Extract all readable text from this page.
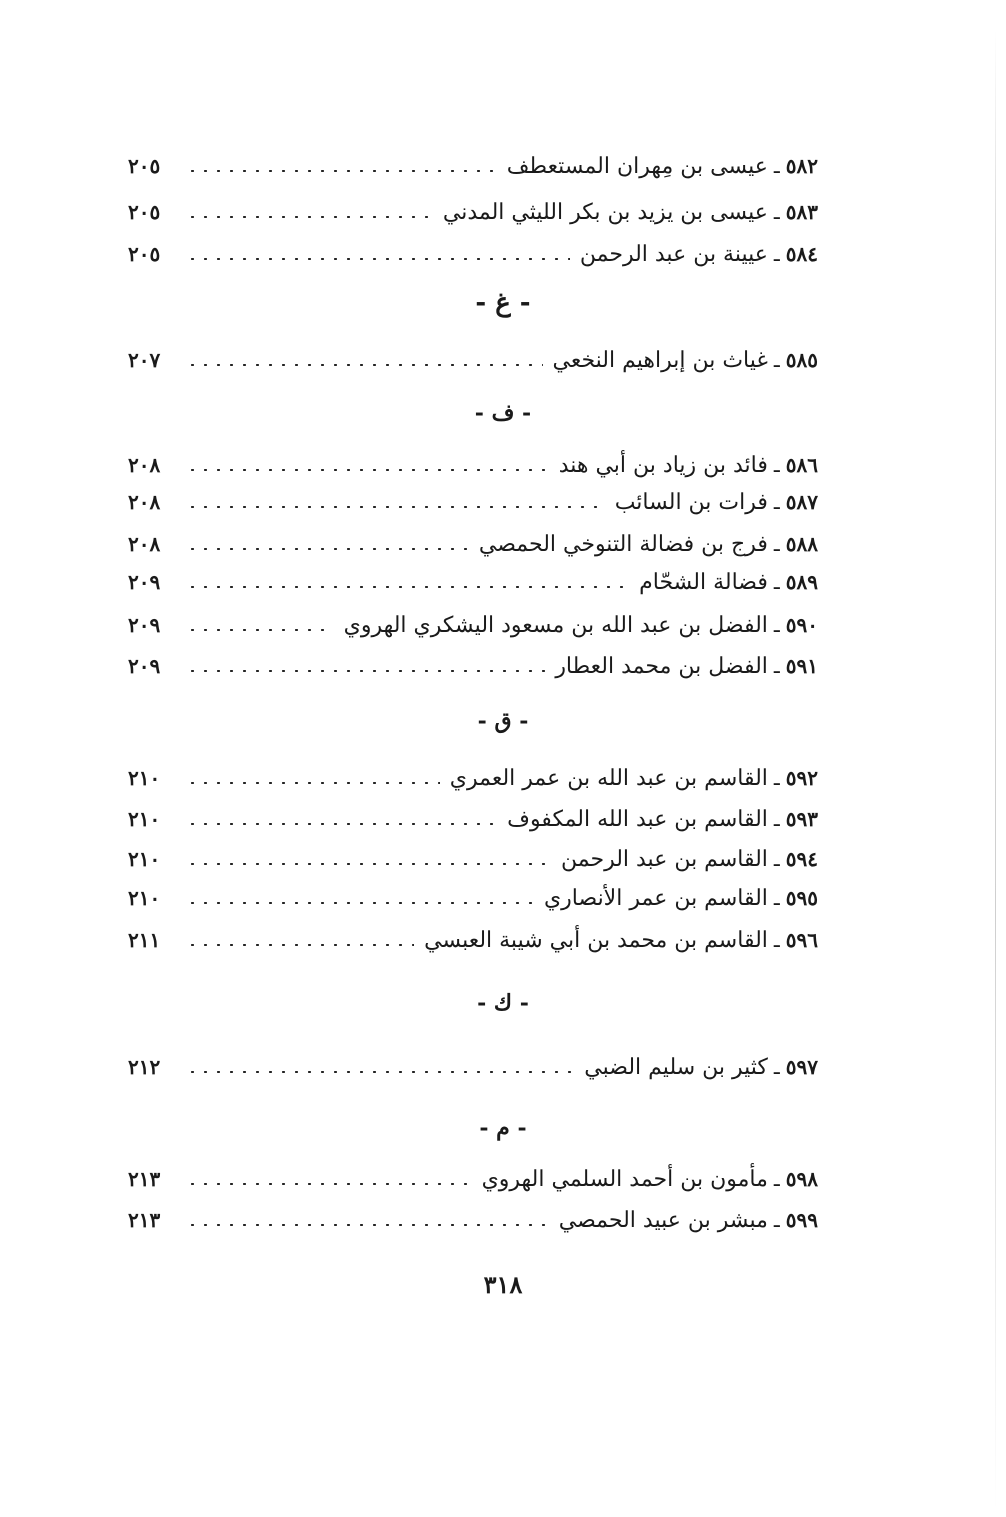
٥٨٢
ـ
عيسى بن مِهران المستعطف
٢٠٥
٥٨٣
ـ
عيسى بن يزيد بن بكر الليثي المدني
٢٠٥
٥٨٤
ـ
عيينة بن عبد الرحمن
٢٠٥
- غ -
٥٨٥
ـ
غياث بن إبراهيم النخعي
٢٠٧
- ف -
٥٨٦
ـ
فائد بن زياد بن أبي هند
٢٠٨
٥٨٧
ـ
فرات بن السائب
٢٠٨
٥٨٨
ـ
فرج بن فضالة التنوخي الحمصي
٢٠٨
٥٨٩
ـ
فضالة الشحّام
٢٠٩
٥٩٠
ـ
الفضل بن عبد الله بن مسعود اليشكري الهروي
٢٠٩
٥٩١
ـ
الفضل بن محمد العطار
٢٠٩
- ق -
٥٩٢
ـ
القاسم بن عبد الله بن عمر العمري
٢١٠
٥٩٣
ـ
القاسم بن عبد الله المكفوف
٢١٠
٥٩٤
ـ
القاسم بن عبد الرحمن
٢١٠
٥٩٥
ـ
القاسم بن عمر الأنصاري
٢١٠
٥٩٦
ـ
القاسم بن محمد بن أبي شيبة العبسي
٢١١
- ك -
٥٩٧
ـ
كثير بن سليم الضبي
٢١٢
- م -
٥٩٨
ـ
مأمون بن أحمد السلمي الهروي
٢١٣
٥٩٩
ـ
مبشر بن عبيد الحمصي
٢١٣
٣١٨
